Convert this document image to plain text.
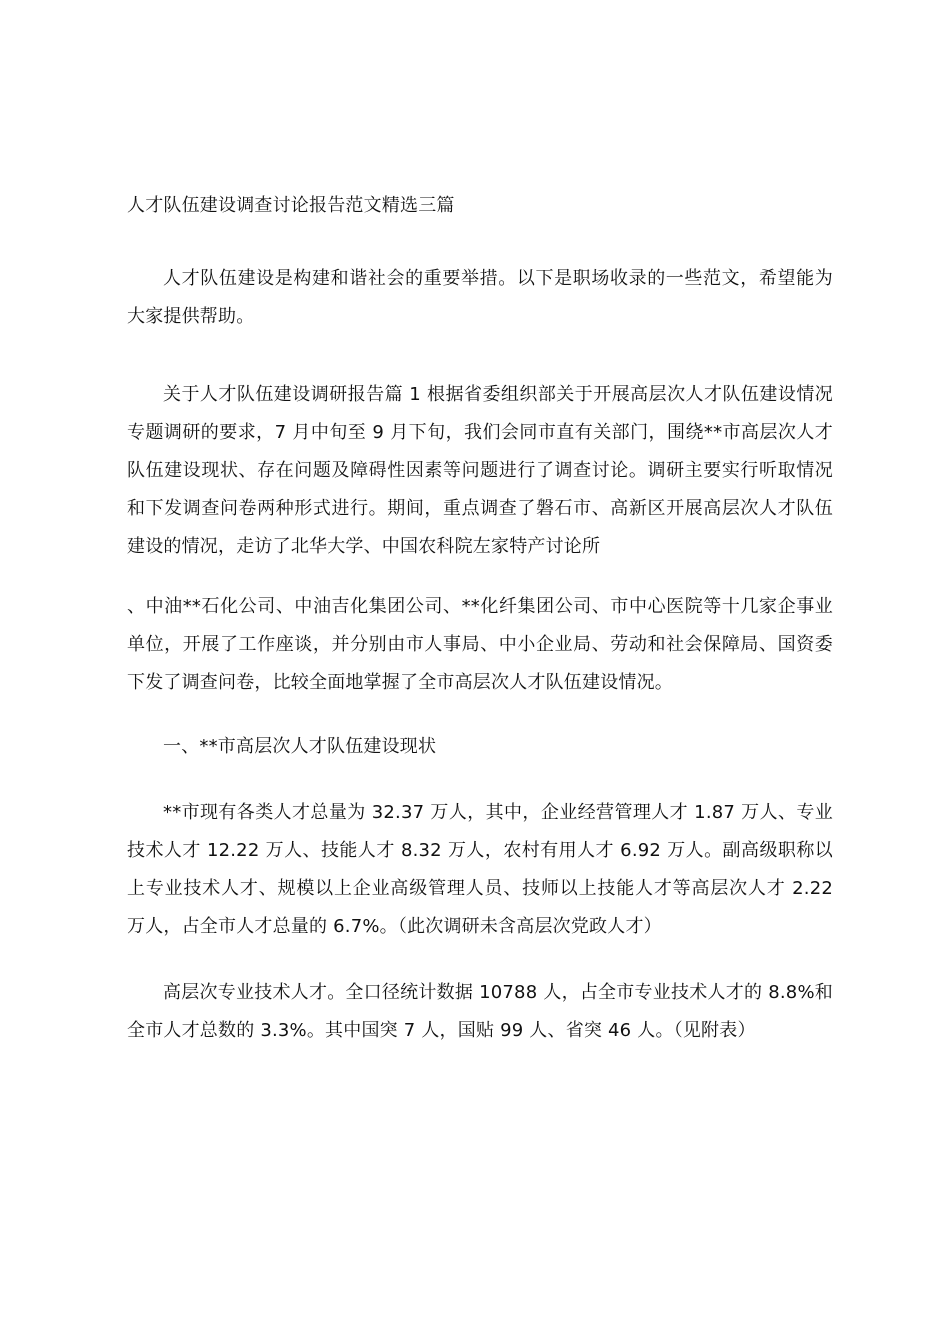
人才队伍建设调查讨论报告范文精选三篇

人才队伍建设是构建和谐社会的重要举措。以下是职场收录的一些范文，希望能为大家提供帮助。

关于人才队伍建设调研报告篇 1 根据省委组织部关于开展高层次人才队伍建设情况专题调研的要求，7 月中旬至 9 月下旬，我们会同市直有关部门，围绕**市高层次人才队伍建设现状、存在问题及障碍性因素等问题进行了调查讨论。调研主要实行听取情况和下发调查问卷两种形式进行。期间，重点调查了磐石市、高新区开展高层次人才队伍建设的情况，走访了北华大学、中国农科院左家特产讨论所

、中油**石化公司、中油吉化集团公司、**化纤集团公司、市中心医院等十几家企事业单位，开展了工作座谈，并分别由市人事局、中小企业局、劳动和社会保障局、国资委下发了调查问卷，比较全面地掌握了全市高层次人才队伍建设情况。

一、**市高层次人才队伍建设现状

**市现有各类人才总量为 32.37 万人，其中，企业经营管理人才 1.87 万人、专业技术人才 12.22 万人、技能人才 8.32 万人，农村有用人才 6.92 万人。副高级职称以上专业技术人才、规模以上企业高级管理人员、技师以上技能人才等高层次人才 2.22 万人，占全市人才总量的 6.7%。（此次调研未含高层次党政人才）

高层次专业技术人才。全口径统计数据 10788 人，占全市专业技术人才的 8.8%和全市人才总数的 3.3%。其中国突 7 人，国贴 99 人、省突 46 人。（见附表）
